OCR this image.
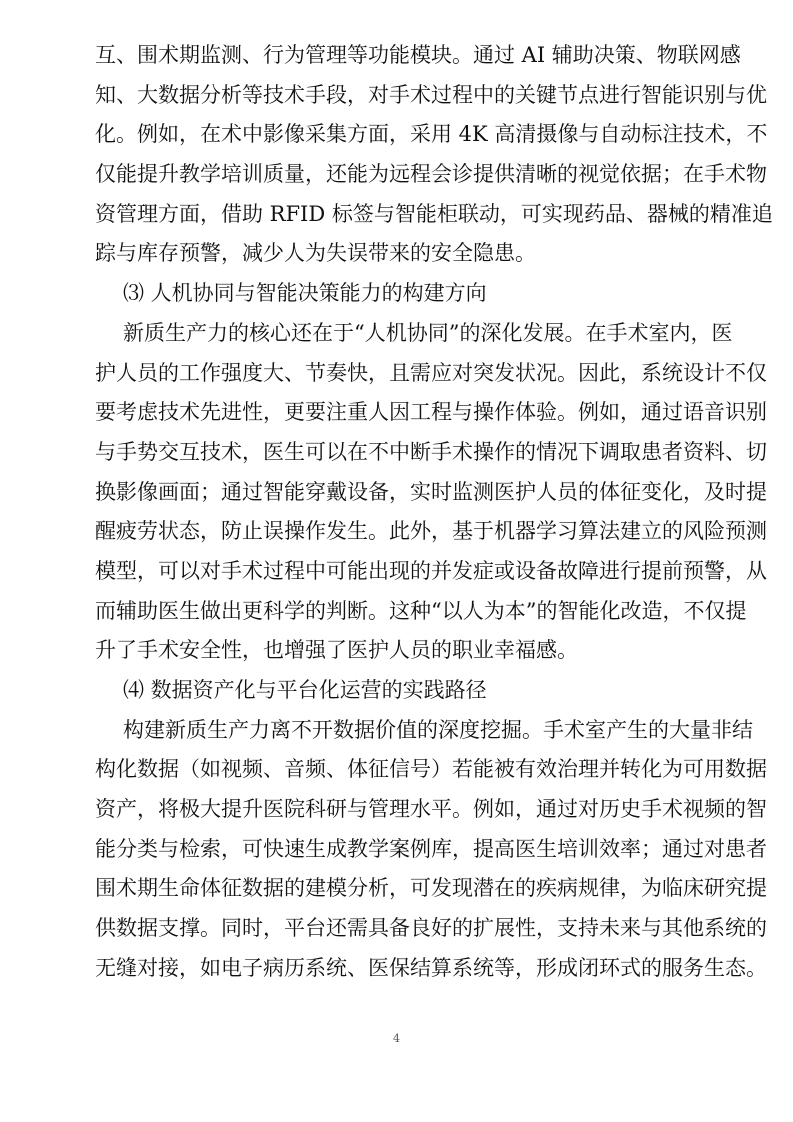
互、围术期监测、行为管理等功能模块。通过 AI 辅助决策、物联网感
知、大数据分析等技术手段，对手术过程中的关键节点进行智能识别与优
化。例如，在术中影像采集方面，采用 4K 高清摄像与自动标注技术，不
仅能提升教学培训质量，还能为远程会诊提供清晰的视觉依据；在手术物
资管理方面，借助 RFID 标签与智能柜联动，可实现药品、器械的精准追
踪与库存预警，减少人为失误带来的安全隐患。
⑶ 人机协同与智能决策能力的构建方向
新质生产力的核心还在于“人机协同”的深化发展。在手术室内，医
护人员的工作强度大、节奏快，且需应对突发状况。因此，系统设计不仅
要考虑技术先进性，更要注重人因工程与操作体验。例如，通过语音识别
与手势交互技术，医生可以在不中断手术操作的情况下调取患者资料、切
换影像画面；通过智能穿戴设备，实时监测医护人员的体征变化，及时提
醒疲劳状态，防止误操作发生。此外，基于机器学习算法建立的风险预测
模型，可以对手术过程中可能出现的并发症或设备故障进行提前预警，从
而辅助医生做出更科学的判断。这种“以人为本”的智能化改造，不仅提
升了手术安全性，也增强了医护人员的职业幸福感。
⑷ 数据资产化与平台化运营的实践路径
构建新质生产力离不开数据价值的深度挖掘。手术室产生的大量非结
构化数据（如视频、音频、体征信号）若能被有效治理并转化为可用数据
资产，将极大提升医院科研与管理水平。例如，通过对历史手术视频的智
能分类与检索，可快速生成教学案例库，提高医生培训效率；通过对患者
围术期生命体征数据的建模分析，可发现潜在的疾病规律，为临床研究提
供数据支撑。同时，平台还需具备良好的扩展性，支持未来与其他系统的
无缝对接，如电子病历系统、医保结算系统等，形成闭环式的服务生态。
4
